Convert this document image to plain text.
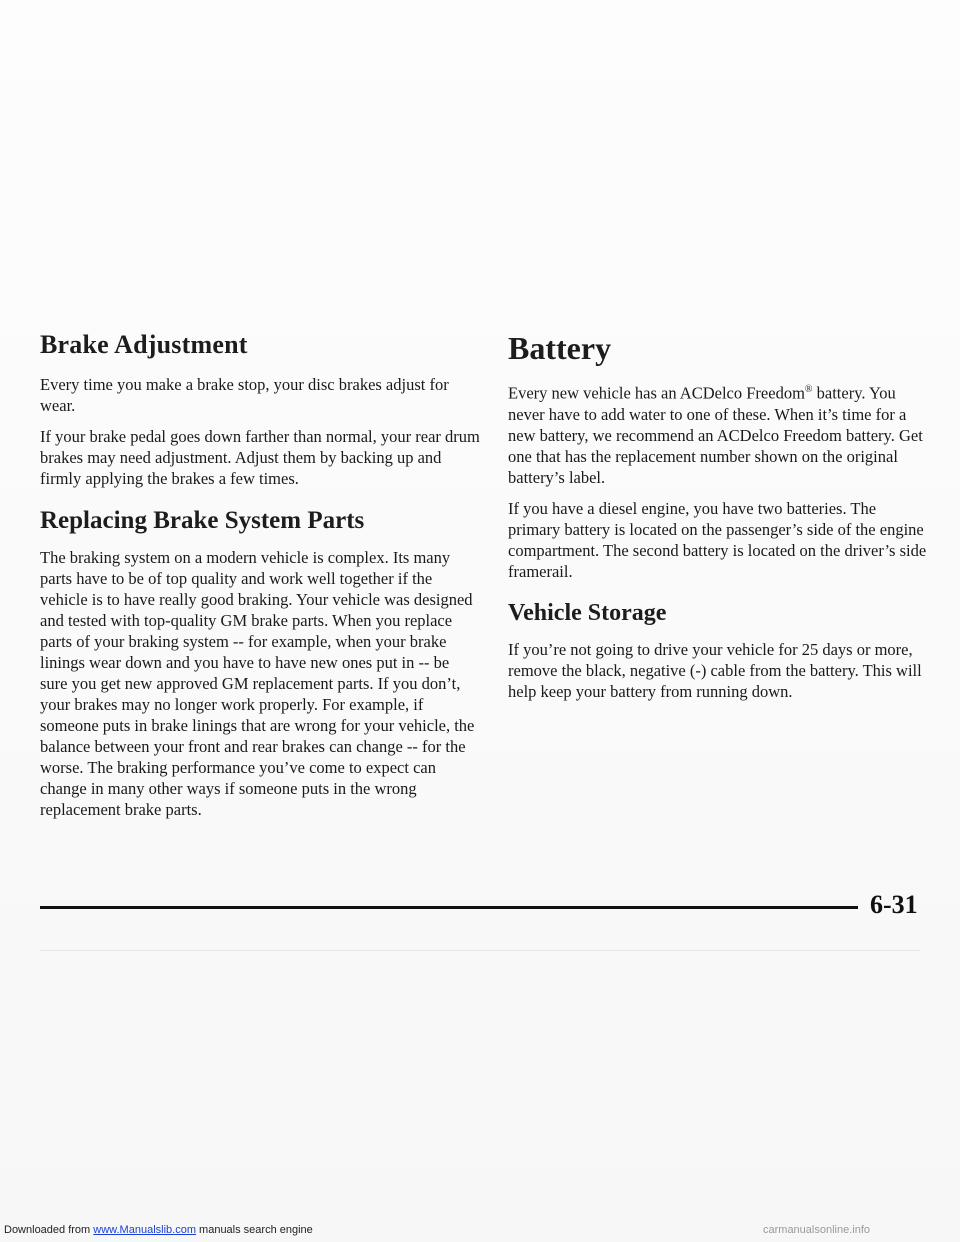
Brake Adjustment

Every time you make a brake stop, your disc brakes adjust for wear.

If your brake pedal goes down farther than normal, your rear drum brakes may need adjustment. Adjust them by backing up and firmly applying the brakes a few times.

Replacing Brake System Parts

The braking system on a modern vehicle is complex. Its many parts have to be of top quality and work well together if the vehicle is to have really good braking. Your vehicle was designed and tested with top-quality GM brake parts. When you replace parts of your braking system -- for example, when your brake linings wear down and you have to have new ones put in -- be sure you get new approved GM replacement parts. If you don’t, your brakes may no longer work properly. For example, if someone puts in brake linings that are wrong for your vehicle, the balance between your front and rear brakes can change -- for the worse. The braking performance you’ve come to expect can change in many other ways if someone puts in the wrong replacement brake parts.

Battery

Every new vehicle has an ACDelco Freedom® battery. You never have to add water to one of these. When it’s time for a new battery, we recommend an ACDelco Freedom battery. Get one that has the replacement number shown on the original battery’s label.

If you have a diesel engine, you have two batteries. The primary battery is located on the passenger’s side of the engine compartment. The second battery is located on the driver’s side framerail.

Vehicle Storage

If you’re not going to drive your vehicle for 25 days or more, remove the black, negative (-) cable from the battery. This will help keep your battery from running down.

6-31
Downloaded from www.Manualslib.com manuals search engine	carmanualsonline.info
